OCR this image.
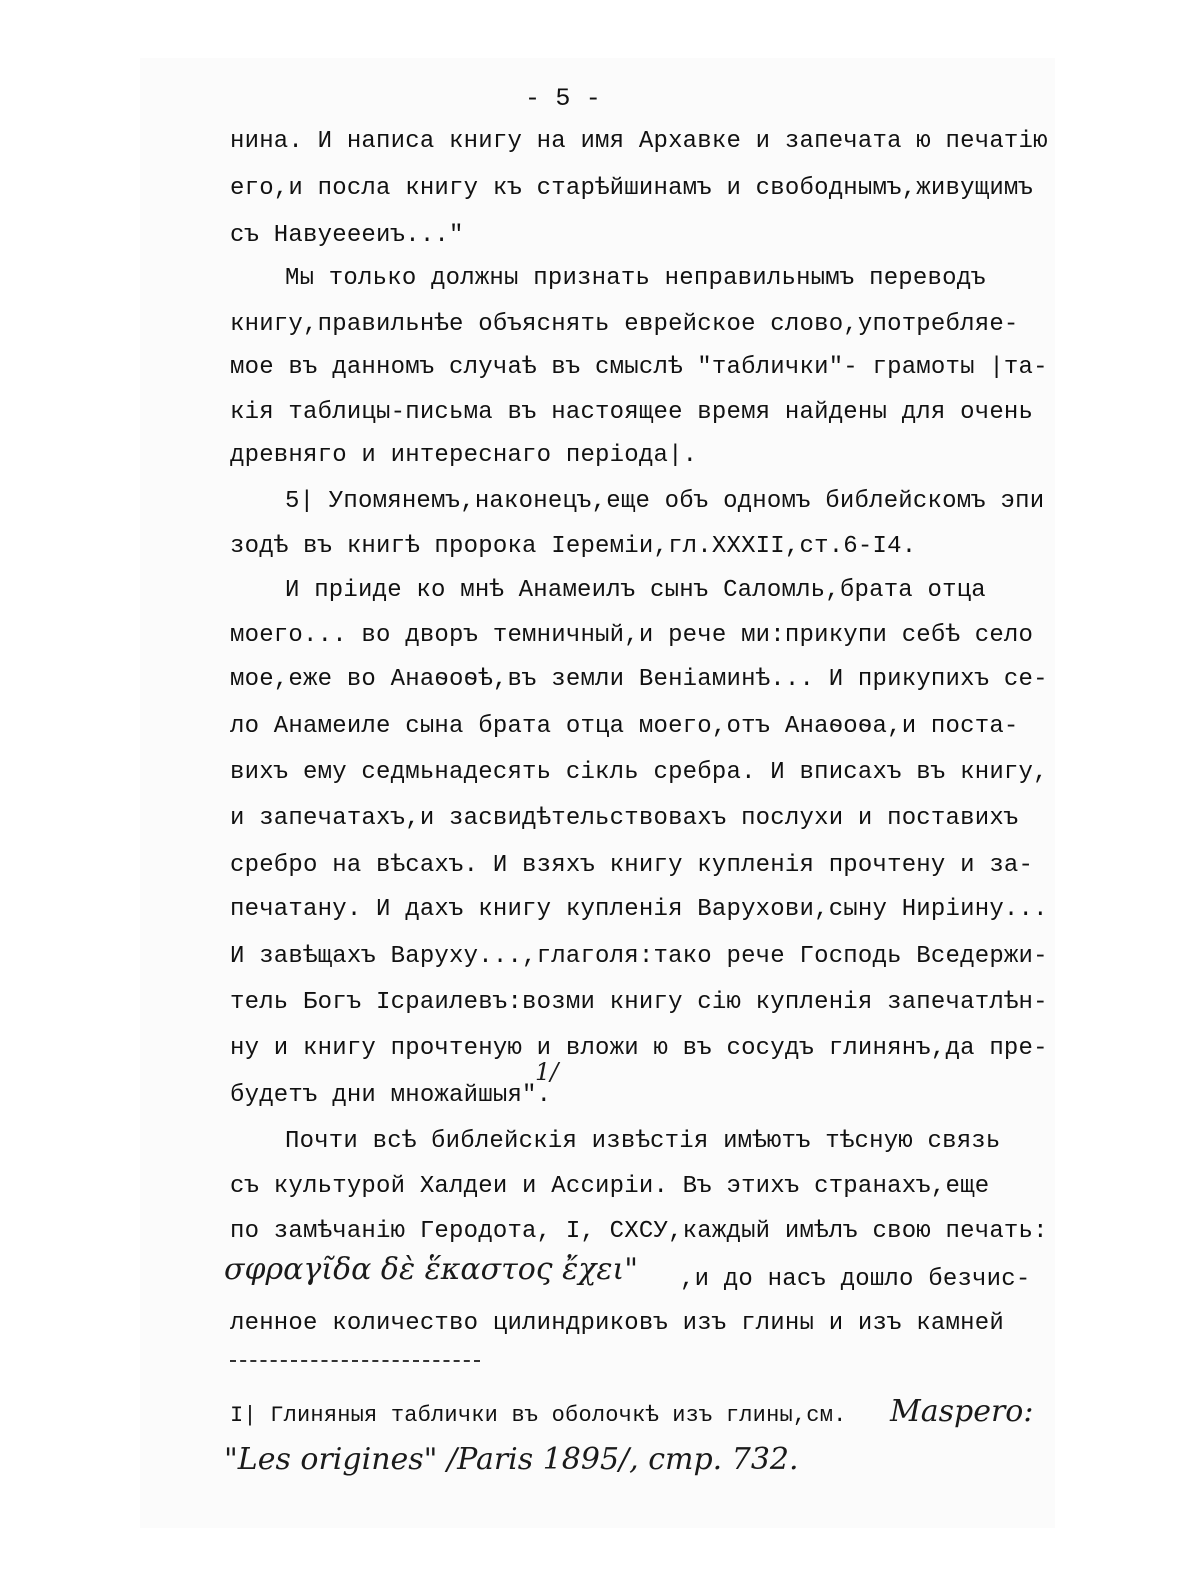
- 5 -
нина. И написа книгу на имя Архавке и запечата ю печатiю
его,и посла книгу къ старѣйшинамъ и свободнымъ,живущимъ
съ Навуеееиъ..."
Мы только должны признать неправильнымъ переводъ
книгу,правильнѣе объяснять еврейское слово,употребляе-
мое въ данномъ случаѣ въ смыслѣ "таблички"- грамоты |та-
кiя таблицы-письма въ настоящее время найдены для очень
древняго и интереснаго перiода|.
5| Упомянемъ,наконецъ,еще объ одномъ библейскомъ эпи
зодѣ въ книгѣ пророка Iеремiи,гл.XXXII,ст.6-I4.
И прiиде ко мнѣ Анамеилъ сынъ Саломль,брата отца
моего... во дворъ темничный,и рече ми:прикупи себѣ село
мое,еже во Анаѳоѳѣ,въ земли Венiаминѣ... И прикупихъ се-
ло Анамеиле сына брата отца моего,отъ Анаѳоѳа,и поста-
вихъ ему седмьнадесять сiкль сребра. И вписахъ въ книгу,
и запечатахъ,и засвидѣтельствовахъ послухи и поставихъ
сребро на вѣсахъ. И взяхъ книгу купленiя прочтену и за-
печатану. И дахъ книгу купленiя Варухови,сыну Нирiину...
И завѣщахъ Варуху...,глаголя:тако рече Господь Вседержи-
тель Богъ Iсраилевъ:возми книгу сiю купленiя запечатлѣн-
ну и книгу прочтеную и вложи ю въ сосудъ глинянъ,да пре-
будетъ дни множайшыя".
1/
Почти всѣ библейскiя извѣстiя имѣютъ тѣсную связь
съ культурой Халдеи и Ассирiи. Въ этихъ странахъ,еще
по замѣчанiю Геродота, I, СХСУ,каждый имѣлъ свою печать:
σφραγῖδα δὲ ἕκαστος ἔχει" ,и до насъ дошло безчис-
ленное количество цилиндриковъ изъ глины и изъ камней
I| Глиняныя таблички въ оболочкѣ изъ глины,см. Maspero:
"Les origines" /Paris 1895/, стр. 732.
